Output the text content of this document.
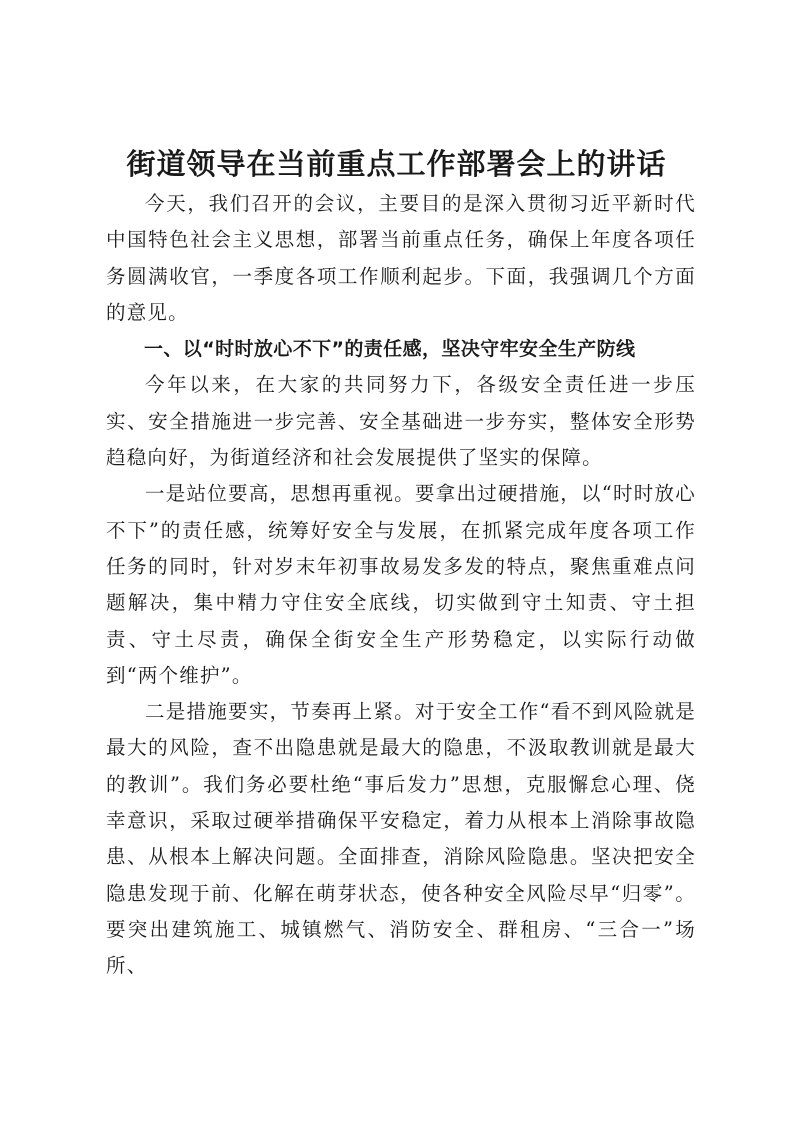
街道领导在当前重点工作部署会上的讲话

今天，我们召开的会议，主要目的是深入贯彻习近平新时代中国特色社会主义思想，部署当前重点任务，确保上年度各项任务圆满收官，一季度各项工作顺利起步。下面，我强调几个方面的意见。

一、以“时时放心不下”的责任感，坚决守牢安全生产防线

今年以来，在大家的共同努力下，各级安全责任进一步压实、安全措施进一步完善、安全基础进一步夯实，整体安全形势趋稳向好，为街道经济和社会发展提供了坚实的保障。

一是站位要高，思想再重视。要拿出过硬措施，以“时时放心不下”的责任感，统筹好安全与发展，在抓紧完成年度各项工作任务的同时，针对岁末年初事故易发多发的特点，聚焦重难点问题解决，集中精力守住安全底线，切实做到守土知责、守土担责、守土尽责，确保全街安全生产形势稳定，以实际行动做到“两个维护”。

二是措施要实，节奏再上紧。对于安全工作“看不到风险就是最大的风险，查不出隐患就是最大的隐患，不汲取教训就是最大的教训”。我们务必要杜绝“事后发力”思想，克服懈怠心理、侥幸意识，采取过硬举措确保平安稳定，着力从根本上消除事故隐患、从根本上解决问题。全面排查，消除风险隐患。坚决把安全隐患发现于前、化解在萌芽状态，使各种安全风险尽早“归零”。要突出建筑施工、城镇燃气、消防安全、群租房、“三合一”场所、
